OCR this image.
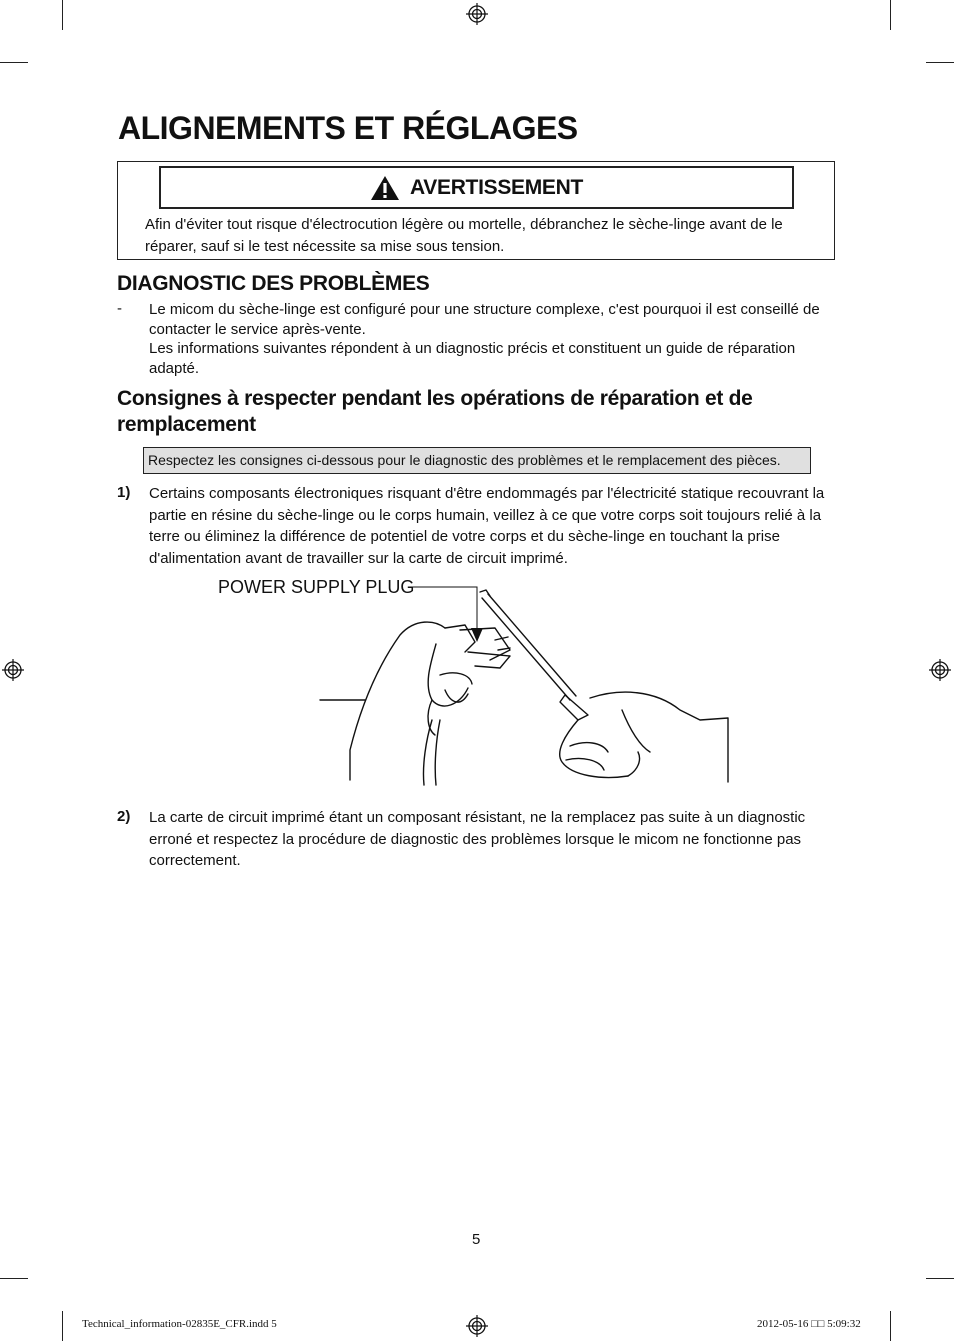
ALIGNEMENTS ET RÉGLAGES
AVERTISSEMENT
Afin d'éviter tout risque d'électrocution légère ou mortelle, débranchez le sèche-linge avant de le réparer, sauf si le test nécessite sa mise sous tension.
DIAGNOSTIC DES PROBLÈMES
- Le micom du sèche-linge est configuré pour une structure complexe, c'est pourquoi il est conseillé de contacter le service après-vente.
Les informations suivantes répondent à un diagnostic précis et constituent un guide de réparation adapté.
Consignes à respecter pendant les opérations de réparation et de remplacement
Respectez les consignes ci-dessous pour le diagnostic des problèmes et le remplacement des pièces.
1) Certains composants électroniques risquant d'être endommagés par l'électricité statique recouvrant la partie en résine du sèche-linge ou le corps humain, veillez à ce que votre corps soit toujours relié à la terre ou éliminez la différence de potentiel de votre corps et du sèche-linge en touchant la prise d'alimentation avant de travailler sur la carte de circuit imprimé.
POWER SUPPLY PLUG
2) La carte de circuit imprimé étant un composant résistant, ne la remplacez pas suite à un diagnostic erroné et respectez la procédure de diagnostic des problèmes lorsque le micom ne fonctionne pas correctement.
5
Technical_information-02835E_CFR.indd 5	2012-05-16 □□ 5:09:32
